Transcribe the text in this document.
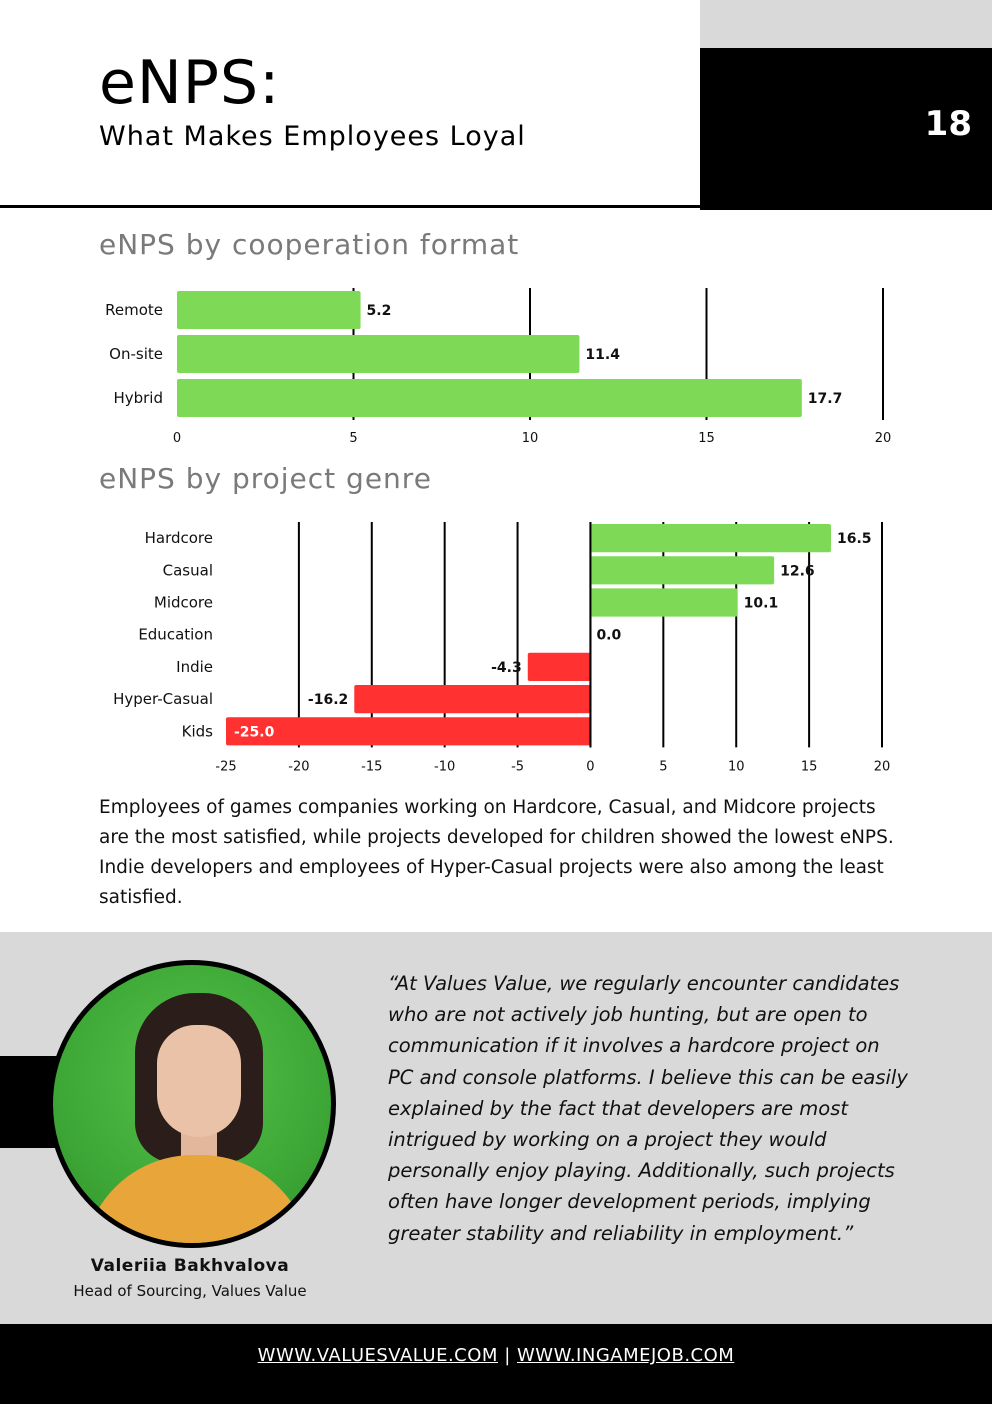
18
eNPS:
What Makes Employees Loyal
eNPS by cooperation format
0	5	10	15	20
Remote	5.2
On-site	11.4
Hybrid	17.7
eNPS by project genre
-25	-20	-15	-10	-5	0	5	10	15	20
Hardcore	16.5
Casual	12.6
Midcore	10.1
Education	0.0
Indie	-4.3
Hyper-Casual	-16.2
Kids -25.0
Employees of games companies working on Hardcore, Casual, and Midcore projects are the most satisfied, while projects developed for children showed the lowest eNPS. Indie developers and employees of Hyper-Casual projects were also among the least satisfied.
Valeriia Bakhvalova
Head of Sourcing, Values Value
“At Values Value, we regularly encounter candidates who are not actively job hunting, but are open to communication if it involves a hardcore project on PC and console platforms. I believe this can be easily explained by the fact that developers are most intrigued by working on a project they would personally enjoy playing. Additionally, such projects often have longer development periods, implying greater stability and reliability in employment.”
WWW.VALUESVALUE.COM | WWW.INGAMEJOB.COM
